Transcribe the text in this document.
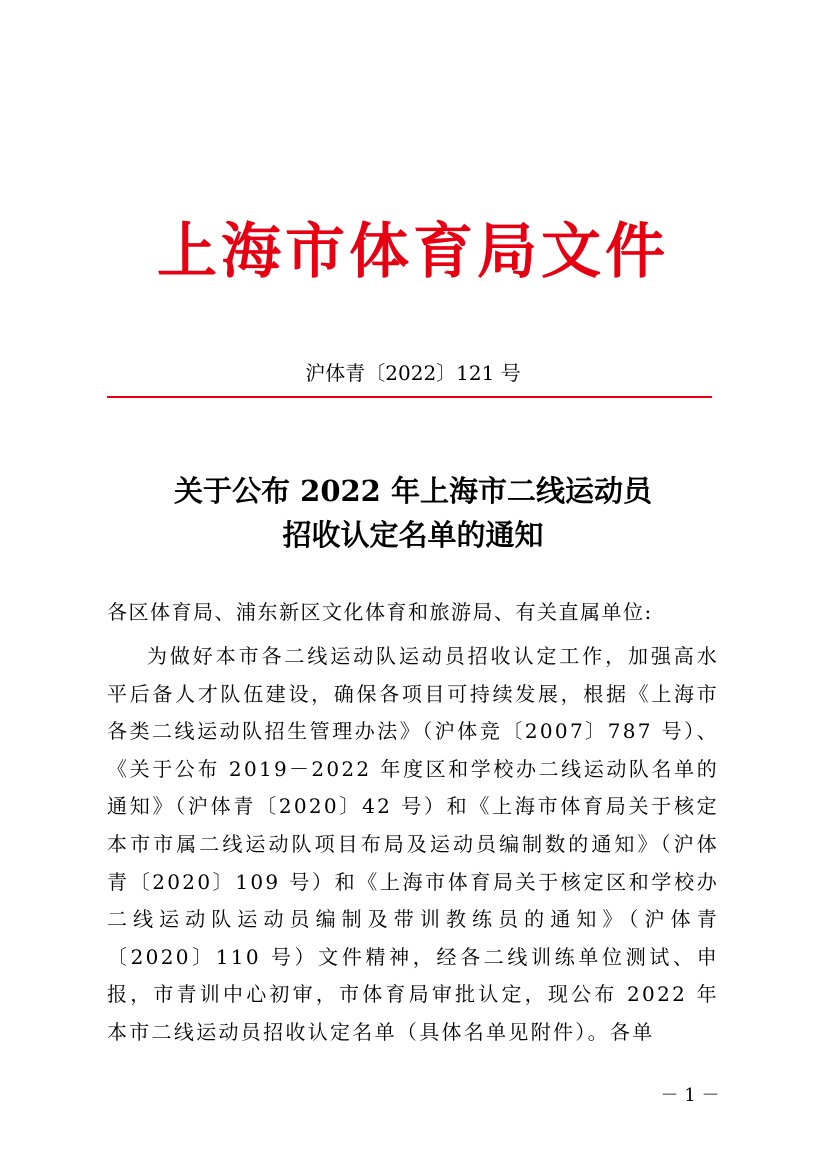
上海市体育局文件
沪体青〔2022〕121 号
关于公布 2022 年上海市二线运动员
招收认定名单的通知
各区体育局、浦东新区文化体育和旅游局、有关直属单位:
为做好本市各二线运动队运动员招收认定工作，加强高水平后备人才队伍建设，确保各项目可持续发展，根据《上海市各类二线运动队招生管理办法》（沪体竞〔2007〕787 号）、《关于公布 2019－2022 年度区和学校办二线运动队名单的通知》（沪体青〔2020〕42 号）和《上海市体育局关于核定本市市属二线运动队项目布局及运动员编制数的通知》（沪体青〔2020〕109 号）和《上海市体育局关于核定区和学校办二线运动队运动员编制及带训教练员的通知》（沪体青〔2020〕110 号）文件精神，经各二线训练单位测试、申报，市青训中心初审，市体育局审批认定，现公布 2022 年本市二线运动员招收认定名单（具体名单见附件）。各单
－ 1 －
